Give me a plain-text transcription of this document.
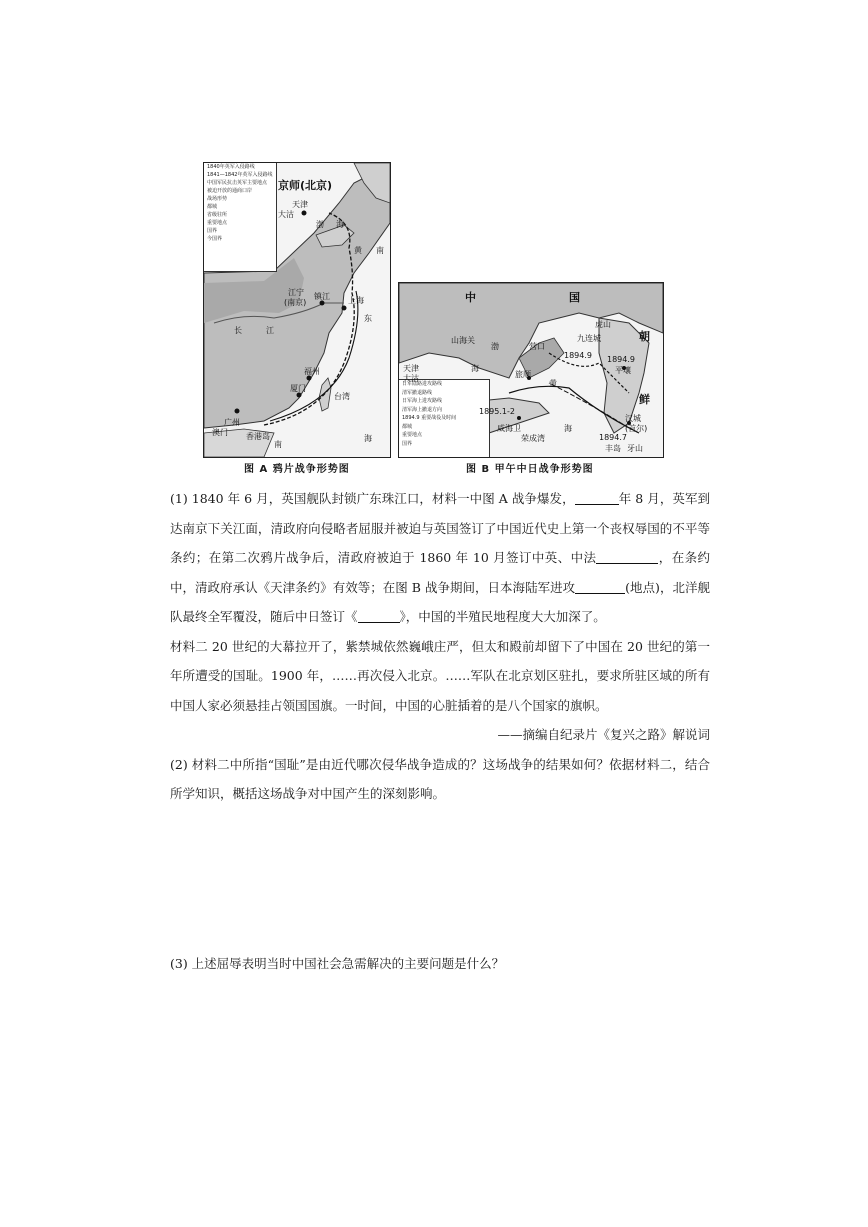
1840年英军入侵路线
1841—1842年英军入侵路线
中国军民抗击英军主要地点
被迫开放的通商口岸
战场形势
都城
省级驻所
重要地点
国界
今国界
京师(北京)
天津
大沽
渤 海
黄 南
江宁
(南京)
镇江 上海
东
长	江
福州
厦门
台湾
广州
澳门 香港岛
南
海
日军陆路进攻路线
清军撤退路线
日军海上进攻路线
清军海上撤退方向
1894.9 重要战役及时间
都城
重要地点
国界
中	国
朝
鲜
山海关
天津
大沽
渤
海
营口
九连城
虎山
旅顺
黄
海
威海卫
荣成湾
1894.9 1894.9
1895.1-2
1894.7
平壤
汉城
(首尔)
牙山
丰岛
图 A 鸦片战争形势图	图 B 甲午中日战争形势图

(1) 1840 年 6 月，英国舰队封锁广东珠江口，材料一中图 A 战争爆发，	年 8 月，英军到达南京下关江面，清政府向侵略者屈服并被迫与英国签订了中国近代史上第一个丧权辱国的不平等条约；在第二次鸦片战争后，清政府被迫于 1860 年 10 月签订中英、中法	，在条约中，清政府承认《天津条约》有效等；在图 B 战争期间，日本海陆军进攻	(地点)，北洋舰队最终全军覆没，随后中日签订《	》，中国的半殖民地程度大大加深了。

材料二 20 世纪的大幕拉开了，紫禁城依然巍峨庄严，但太和殿前却留下了中国在 20 世纪的第一年所遭受的国耻。1900 年，……再次侵入北京。……军队在北京划区驻扎，要求所驻区域的所有中国人家必须悬挂占领国国旗。一时间，中国的心脏插着的是八个国家的旗帜。

——摘编自纪录片《复兴之路》解说词

(2) 材料二中所指“国耻”是由近代哪次侵华战争造成的？这场战争的结果如何？依据材料二，结合所学知识，概括这场战争对中国产生的深刻影响。

(3) 上述屈辱表明当时中国社会急需解决的主要问题是什么？
